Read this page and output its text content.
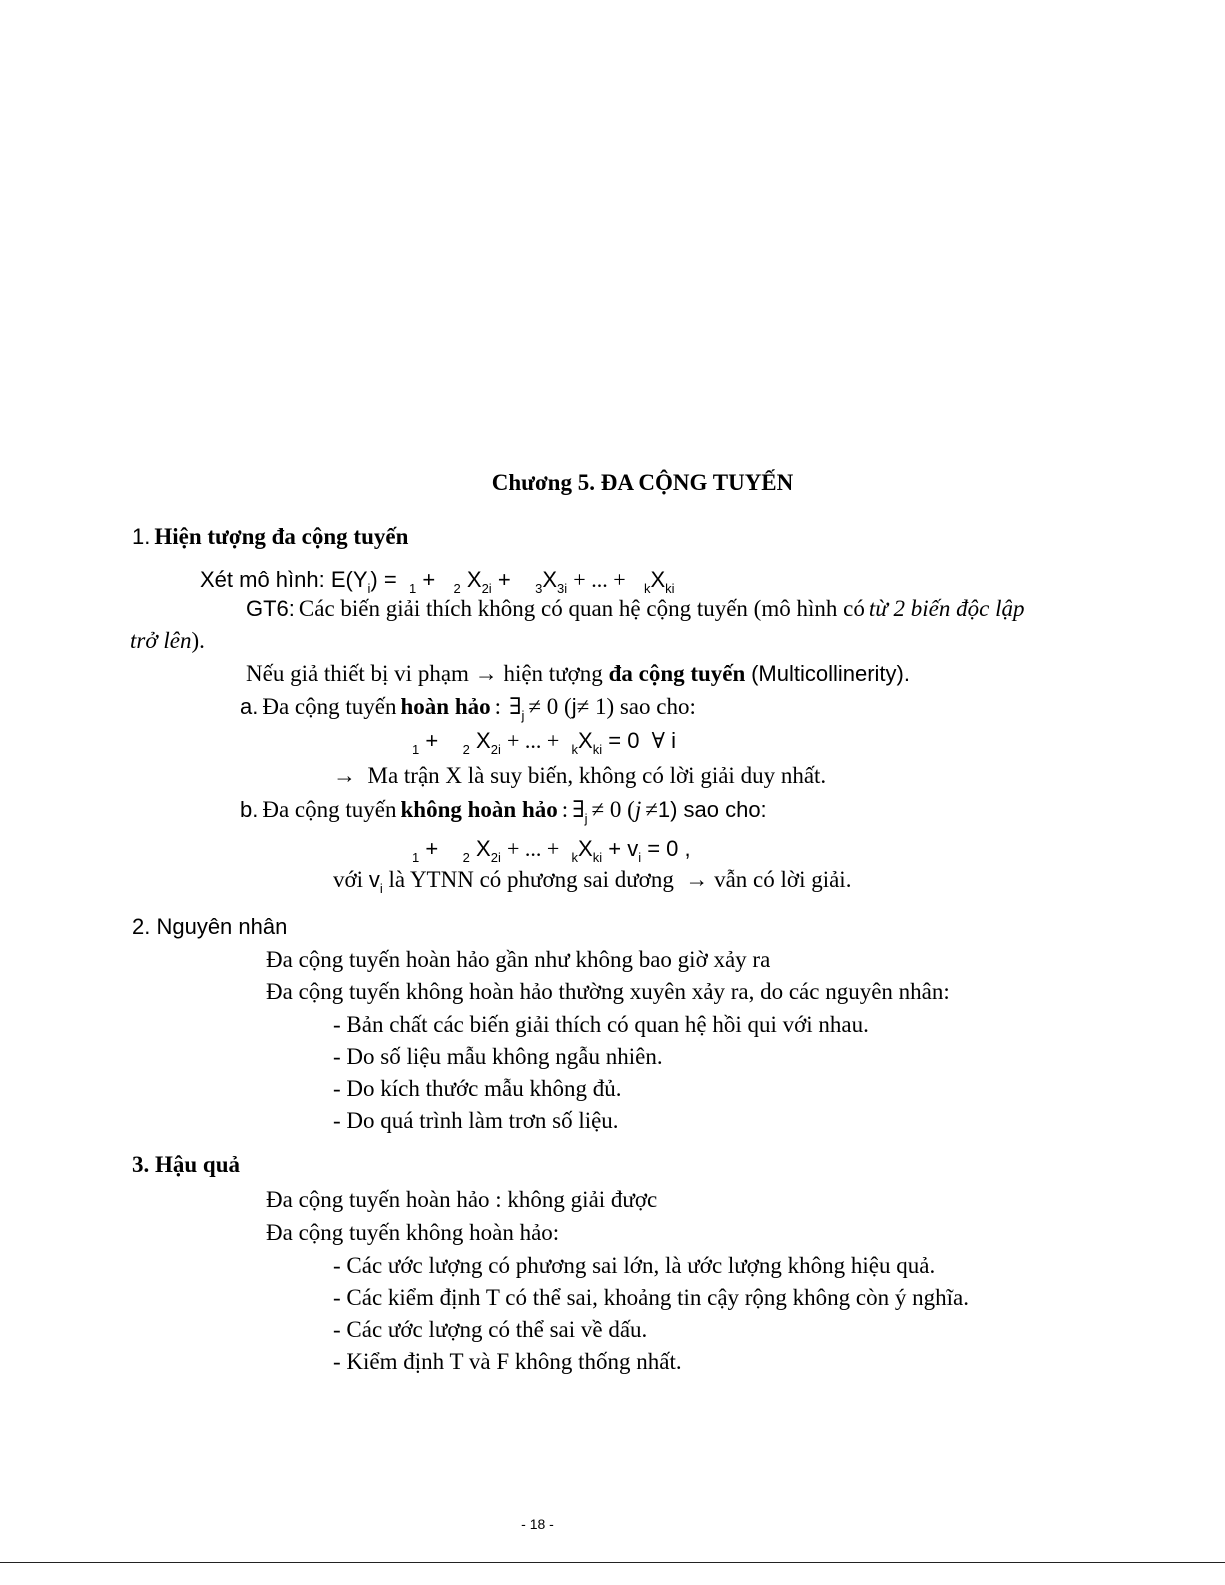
Chương 5. ĐA CỘNG TUYẾN
1. Hiện tượng đa cộng tuyến
Xét mô hình: $E(Y_i) = _1 + _2$ $X_{2i} + _3X_{3i}$ + ... + $_kX_{ki}$
GT6: Các biến giải thích không có quan hệ cộng tuyến (mô hình có từ 2 biến độc lập
trở lên).
Nếu giả thiết bị vi phạm → hiện tượng đa cộng tuyến (Multicollinerity).
a. Đa cộng tuyến hoàn hảo : $\exists_j \ne 0$ (j≠ 1) sao cho:
$_1$ + $_2$ $X_{2i}$ + ... + $_kX_{ki} = 0$ ∀ i
→ Ma trận X là suy biến, không có lời giải duy nhất.
b. Đa cộng tuyến không hoàn hảo : $\exists_j \ne 0$ (j ≠1) sao cho:
$_1$ + $_2$ $X_{2i}$ + ... + $_kX_{ki} + v_i = 0$ ,
với $v_i$ là YTNN có phương sai dương → vẫn có lời giải.
2. Nguyên nhân
Đa cộng tuyến hoàn hảo gần như không bao giờ xảy ra
Đa cộng tuyến không hoàn hảo thường xuyên xảy ra, do các nguyên nhân:
- Bản chất các biến giải thích có quan hệ hồi qui với nhau.
- Do số liệu mẫu không ngẫu nhiên.
- Do kích thước mẫu không đủ.
- Do quá trình làm trơn số liệu.
3. Hậu quả
Đa cộng tuyến hoàn hảo : không giải được
Đa cộng tuyến không hoàn hảo:
- Các ước lượng có phương sai lớn, là ước lượng không hiệu quả.
- Các kiểm định T có thể sai, khoảng tin cậy rộng không còn ý nghĩa.
- Các ước lượng có thể sai về dấu.
- Kiểm định T và F không thống nhất.
- 18 -
